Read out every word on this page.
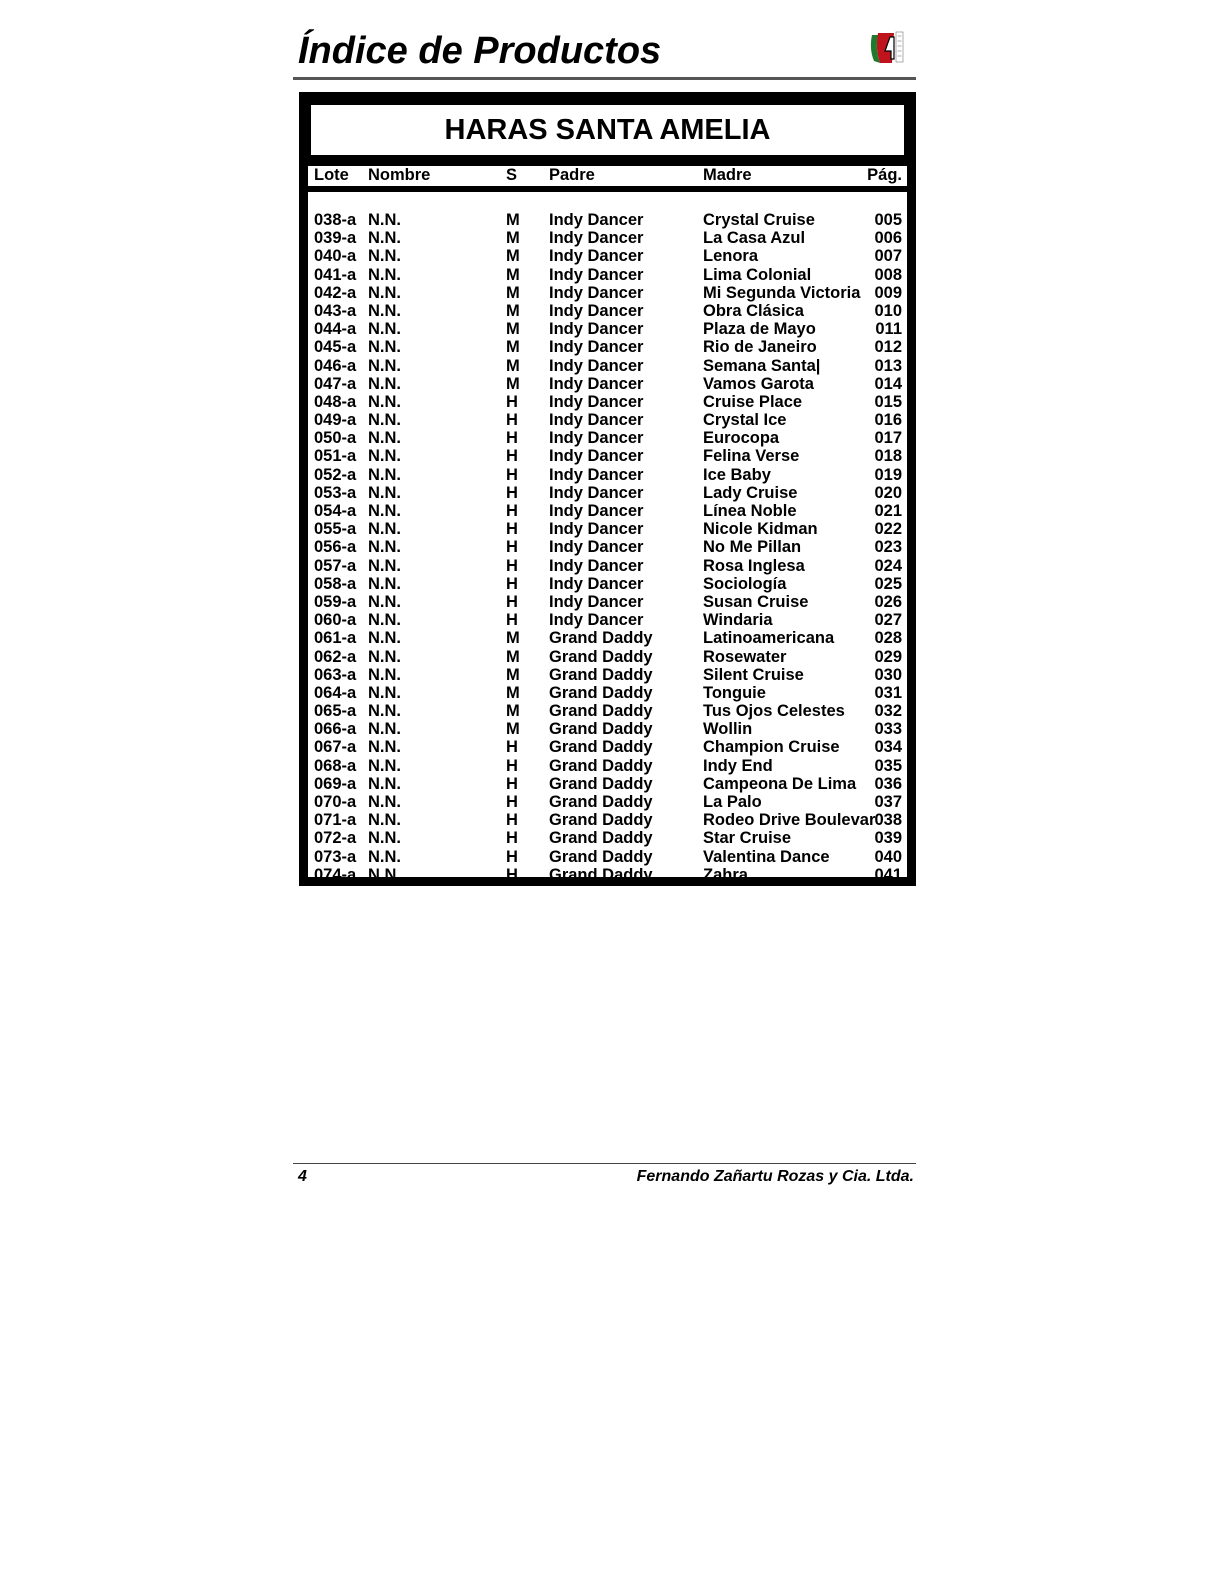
Índice de Productos
HARAS SANTA AMELIA
Lote Nombre	S Padre	Madre	Pág.
038-a N.N.	M Indy Dancer	Crystal Cruise	005
039-a N.N.	M Indy Dancer	La Casa Azul	006
040-a N.N.	M Indy Dancer	Lenora	007
041-a N.N.	M Indy Dancer	Lima Colonial	008
042-a N.N.	M Indy Dancer	Mi Segunda Victoria 009
043-a N.N.	M Indy Dancer	Obra Clásica	010
044-a N.N.	M Indy Dancer	Plaza de Mayo	011
045-a N.N.	M Indy Dancer	Rio de Janeiro	012
046-a N.N.	M Indy Dancer	Semana Santa|	013
047-a N.N.	M Indy Dancer	Vamos Garota	014
048-a N.N.	H Indy Dancer	Cruise Place	015
049-a N.N.	H Indy Dancer	Crystal Ice	016
050-a N.N.	H Indy Dancer	Eurocopa	017
051-a N.N.	H Indy Dancer	Felina Verse	018
052-a N.N.	H Indy Dancer	Ice Baby	019
053-a N.N.	H Indy Dancer	Lady Cruise	020
054-a N.N.	H Indy Dancer	Línea Noble	021
055-a N.N.	H Indy Dancer	Nicole Kidman	022
056-a N.N.	H Indy Dancer	No Me Pillan	023
057-a N.N.	H Indy Dancer	Rosa Inglesa	024
058-a N.N.	H Indy Dancer	Sociología	025
059-a N.N.	H Indy Dancer	Susan Cruise	026
060-a N.N.	H Indy Dancer	Windaria	027
061-a N.N.	M Grand Daddy	Latinoamericana 028
062-a N.N.	M Grand Daddy	Rosewater	029
063-a N.N.	M Grand Daddy	Silent Cruise	030
064-a N.N.	M Grand Daddy	Tonguie	031
065-a N.N.	M Grand Daddy	Tus Ojos Celestes 032
066-a N.N.	M Grand Daddy	Wollin	033
067-a N.N.	H Grand Daddy	Champion Cruise 034
068-a N.N.	H Grand Daddy	Indy End	035
069-a N.N.	H Grand Daddy	Campeona De Lima 036
070-a N.N.	H Grand Daddy	La Palo	037
071-a N.N.	H Grand Daddy	Rodeo Drive Boulevar 038
072-a N.N.	H Grand Daddy	Star Cruise	039
073-a N.N.	H Grand Daddy	Valentina Dance	040
074-a N.N.	H Grand Daddy	Zahra	041
4	Fernando Zañartu Rozas y Cia. Ltda.
